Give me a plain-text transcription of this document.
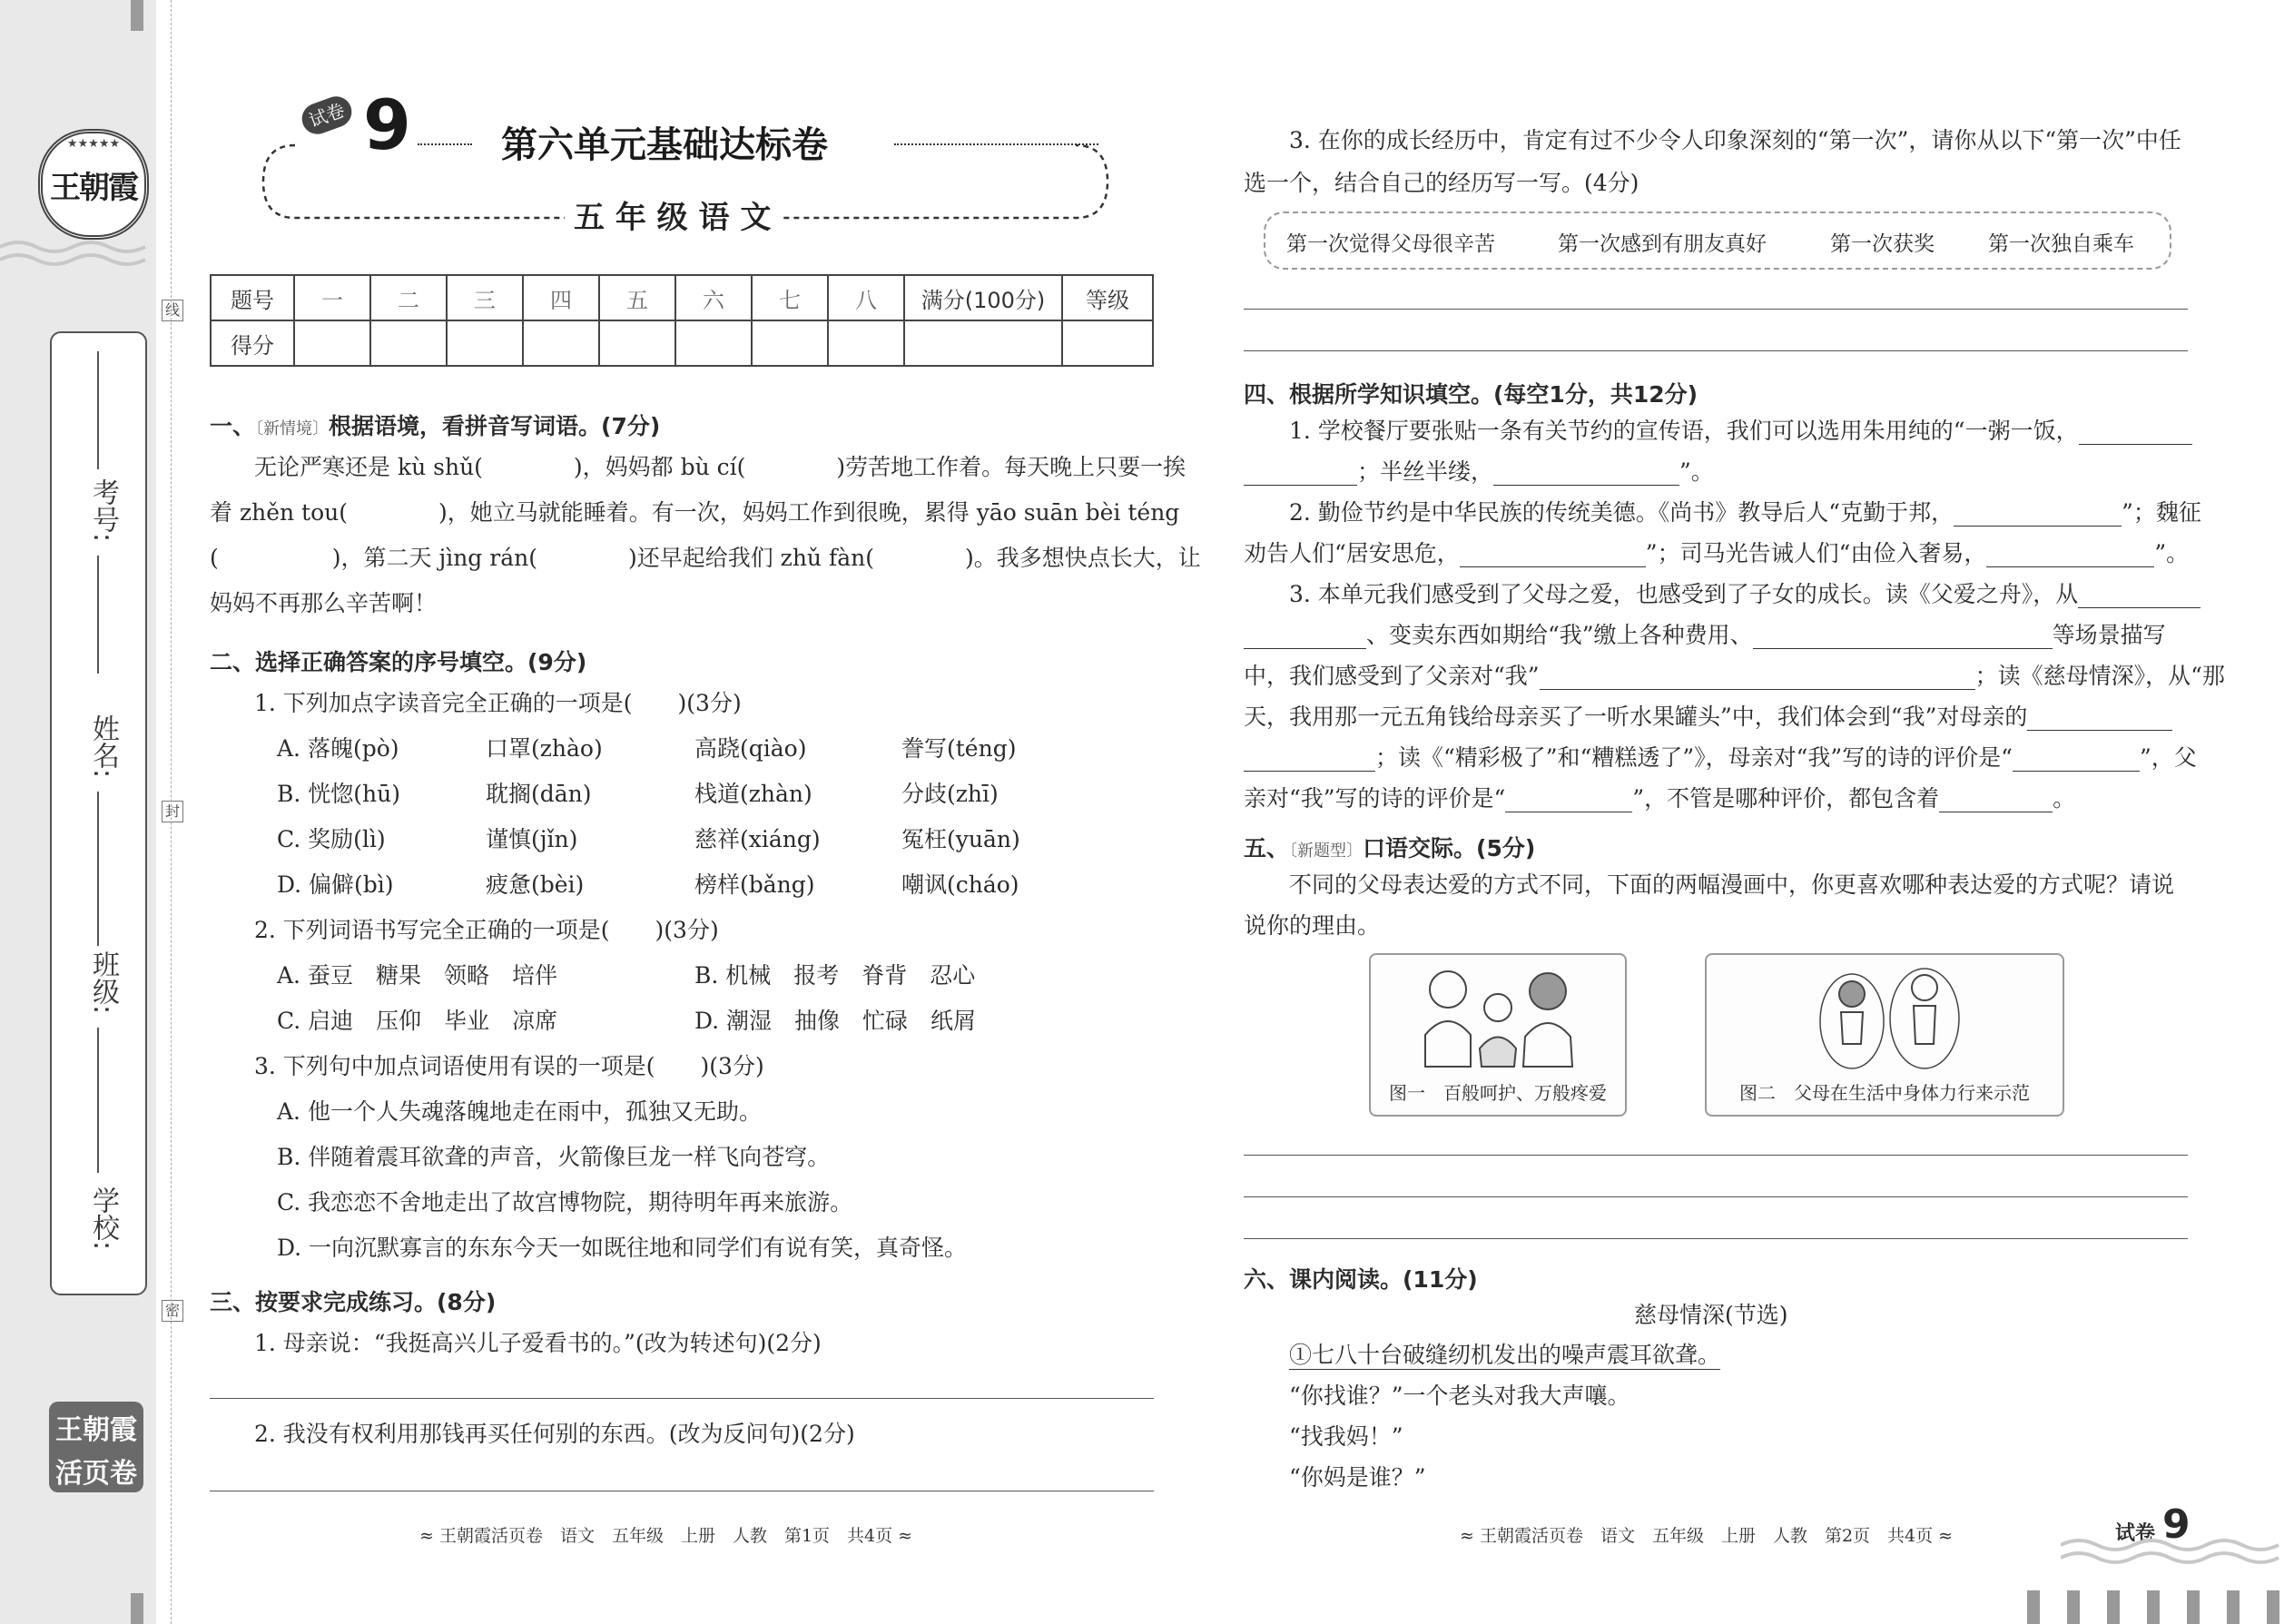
★★★★★
王朝霞
考号:
姓名:
班级:
学校:
线
封
密
王朝霞
活页卷
试卷 9 第六单元基础达标卷
五 年 级 语 文
题号	一	二	三	四	五	六	七	八	满分(100分)	等级
得分										
一、〔新情境〕根据语境，看拼音写词语。(7分)
无论严寒还是 kù shǔ(　　　　)，妈妈都 bù cí(　　　　)劳苦地工作着。每天晚上只要一挨
着 zhěn tou(　　　　)，她立马就能睡着。有一次，妈妈工作到很晚，累得 yāo suān bèi téng
(　　　　　)，第二天 jìng rán(　　　　)还早起给我们 zhǔ fàn(　　　　)。我多想快点长大，让
妈妈不再那么辛苦啊！
二、选择正确答案的序号填空。(9分)
1. 下列加点字读音完全正确的一项是(　　)(3分)
A. 落魄(pò)	口罩(zhào)	高跷(qiào)	誊写(téng)
B. 恍惚(hū)	耽搁(dān)	栈道(zhàn)	分歧(zhī)
C. 奖励(lì)	谨慎(jǐn)	慈祥(xiáng)	冤枉(yuān)
D. 偏僻(bì)	疲惫(bèi)	榜样(bǎng)	嘲讽(cháo)
2. 下列词语书写完全正确的一项是(　　)(3分)
A. 蚕豆　糖果　领略　培伴	B. 机械　报考　脊背　忍心
C. 启迪　压仰　毕业　凉席	D. 潮湿　抽像　忙碌　纸屑
3. 下列句中加点词语使用有误的一项是(　　)(3分)
A. 他一个人失魂落魄地走在雨中，孤独又无助。
B. 伴随着震耳欲聋的声音，火箭像巨龙一样飞向苍穹。
C. 我恋恋不舍地走出了故宫博物院，期待明年再来旅游。
D. 一向沉默寡言的东东今天一如既往地和同学们有说有笑，真奇怪。
三、按要求完成练习。(8分)
1. 母亲说：“我挺高兴儿子爱看书的。”(改为转述句)(2分)
2. 我没有权利用那钱再买任何别的东西。(改为反问句)(2分)
≈ 王朝霞活页卷　语文　五年级　上册　人教　第1页　共4页 ≈
3. 在你的成长经历中，肯定有过不少令人印象深刻的“第一次”，请你从以下“第一次”中任
选一个，结合自己的经历写一写。(4分)
第一次觉得父母很辛苦	第一次感到有朋友真好	第一次获奖	第一次独自乘车
四、根据所学知识填空。(每空1分，共12分)
1. 学校餐厅要张贴一条有关节约的宣传语，我们可以选用朱用纯的“一粥一饭，
；半丝半缕，	”。
2. 勤俭节约是中华民族的传统美德。《尚书》教导后人“克勤于邦，	”；魏征
劝告人们“居安思危，	”；司马光告诫人们“由俭入奢易，	”。
3. 本单元我们感受到了父母之爱，也感受到了子女的成长。读《父爱之舟》，从
、变卖东西如期给“我”缴上各种费用、	等场景描写
中，我们感受到了父亲对“我”	；读《慈母情深》，从“那
天，我用那一元五角钱给母亲买了一听水果罐头”中，我们体会到“我”对母亲的
；读《“精彩极了”和“糟糕透了”》，母亲对“我”写的诗的评价是“	”，父
亲对“我”写的诗的评价是“	”，不管是哪种评价，都包含着	。
五、〔新题型〕口语交际。(5分)
不同的父母表达爱的方式不同，下面的两幅漫画中，你更喜欢哪种表达爱的方式呢？请说
说你的理由。
图一　百般呵护、万般疼爱	图二　父母在生活中身体力行来示范
六、课内阅读。(11分)
慈母情深(节选)
①七八十台破缝纫机发出的噪声震耳欲聋。
“你找谁？”一个老头对我大声嚷。
“找我妈！”
“你妈是谁？”
≈ 王朝霞活页卷　语文　五年级　上册　人教　第2页　共4页 ≈	试卷 9
